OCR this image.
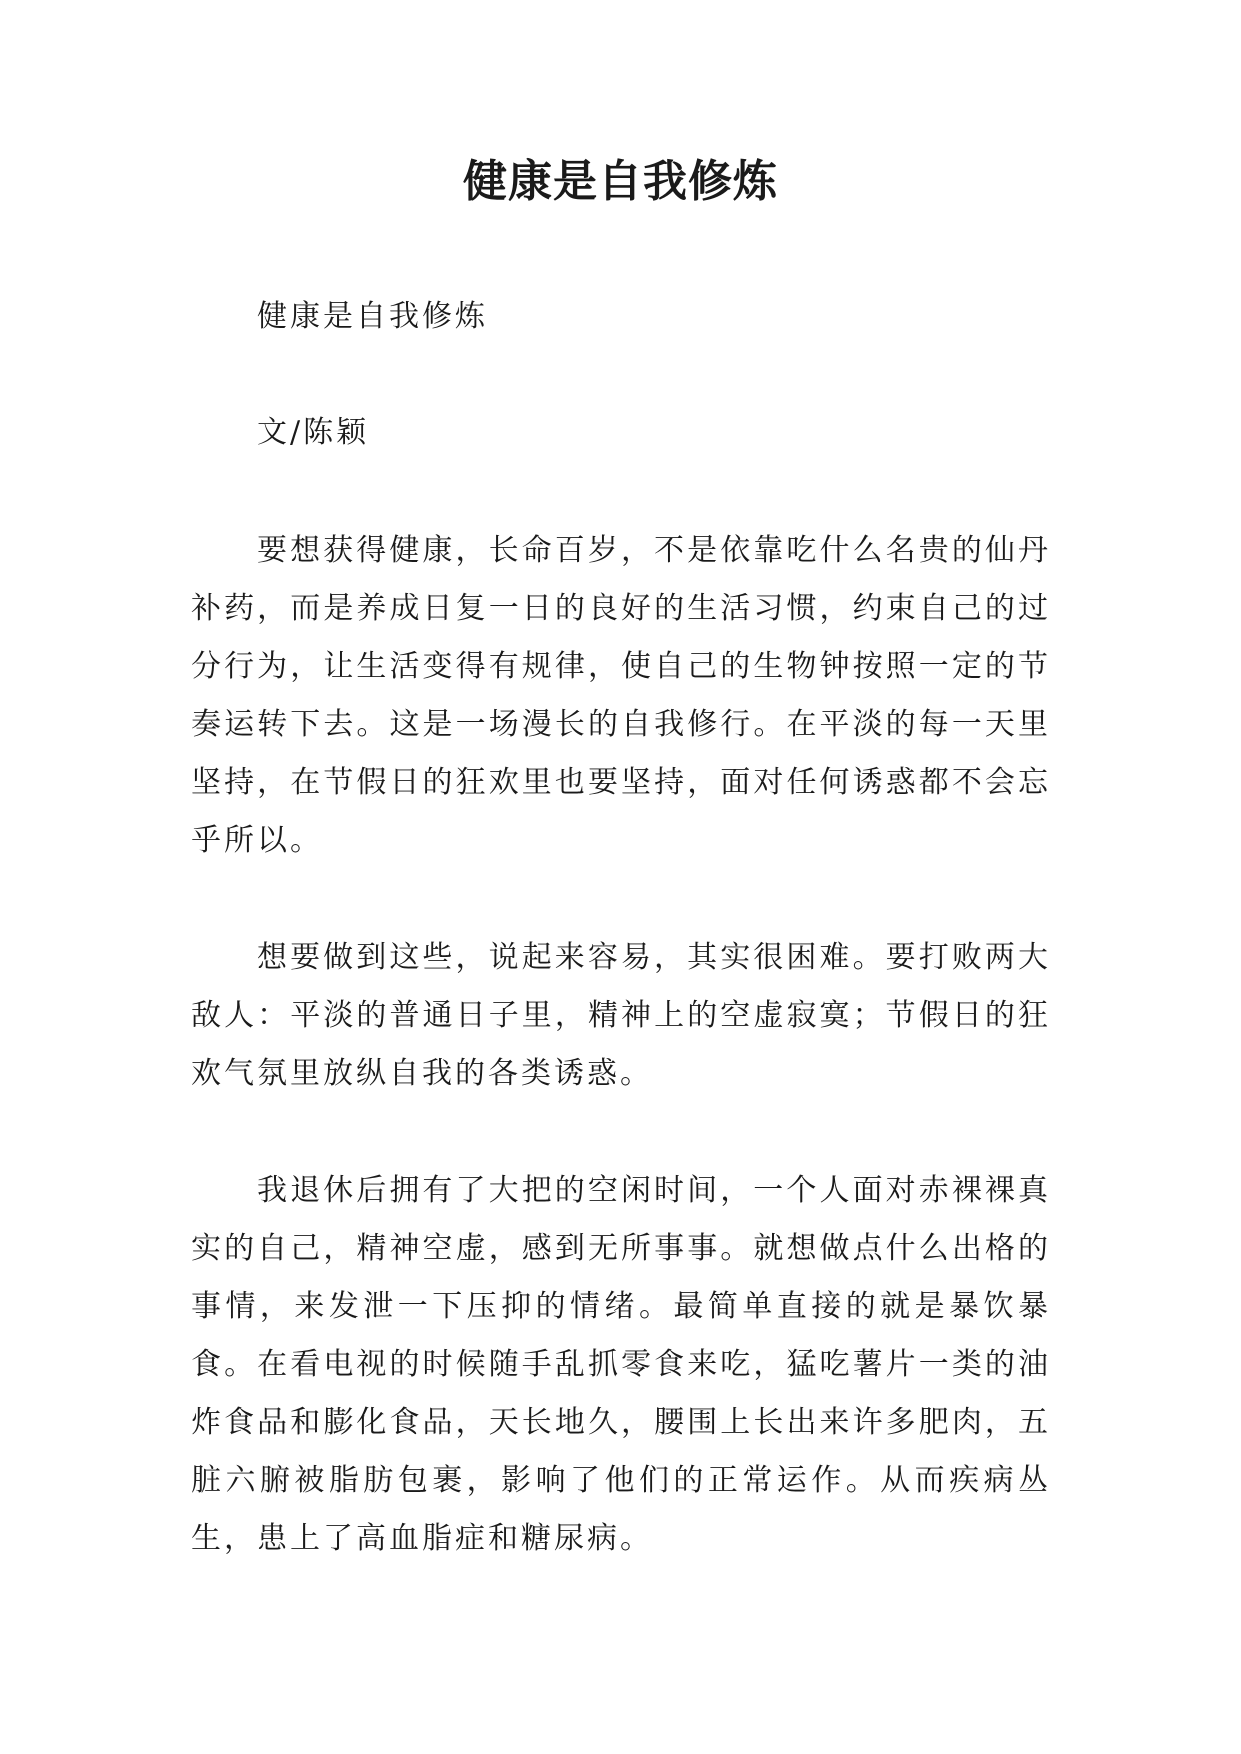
健康是自我修炼

健康是自我修炼

文/陈颖

要想获得健康，长命百岁，不是依靠吃什么名贵的仙丹补药，而是养成日复一日的良好的生活习惯，约束自己的过分行为，让生活变得有规律，使自己的生物钟按照一定的节奏运转下去。这是一场漫长的自我修行。在平淡的每一天里坚持，在节假日的狂欢里也要坚持，面对任何诱惑都不会忘乎所以。

想要做到这些，说起来容易，其实很困难。要打败两大敌人：平淡的普通日子里，精神上的空虚寂寞；节假日的狂欢气氛里放纵自我的各类诱惑。

我退休后拥有了大把的空闲时间，一个人面对赤裸裸真实的自己，精神空虚，感到无所事事。就想做点什么出格的事情，来发泄一下压抑的情绪。最简单直接的就是暴饮暴食。在看电视的时候随手乱抓零食来吃，猛吃薯片一类的油炸食品和膨化食品，天长地久，腰围上长出来许多肥肉，五脏六腑被脂肪包裹，影响了他们的正常运作。从而疾病丛生，患上了高血脂症和糖尿病。
